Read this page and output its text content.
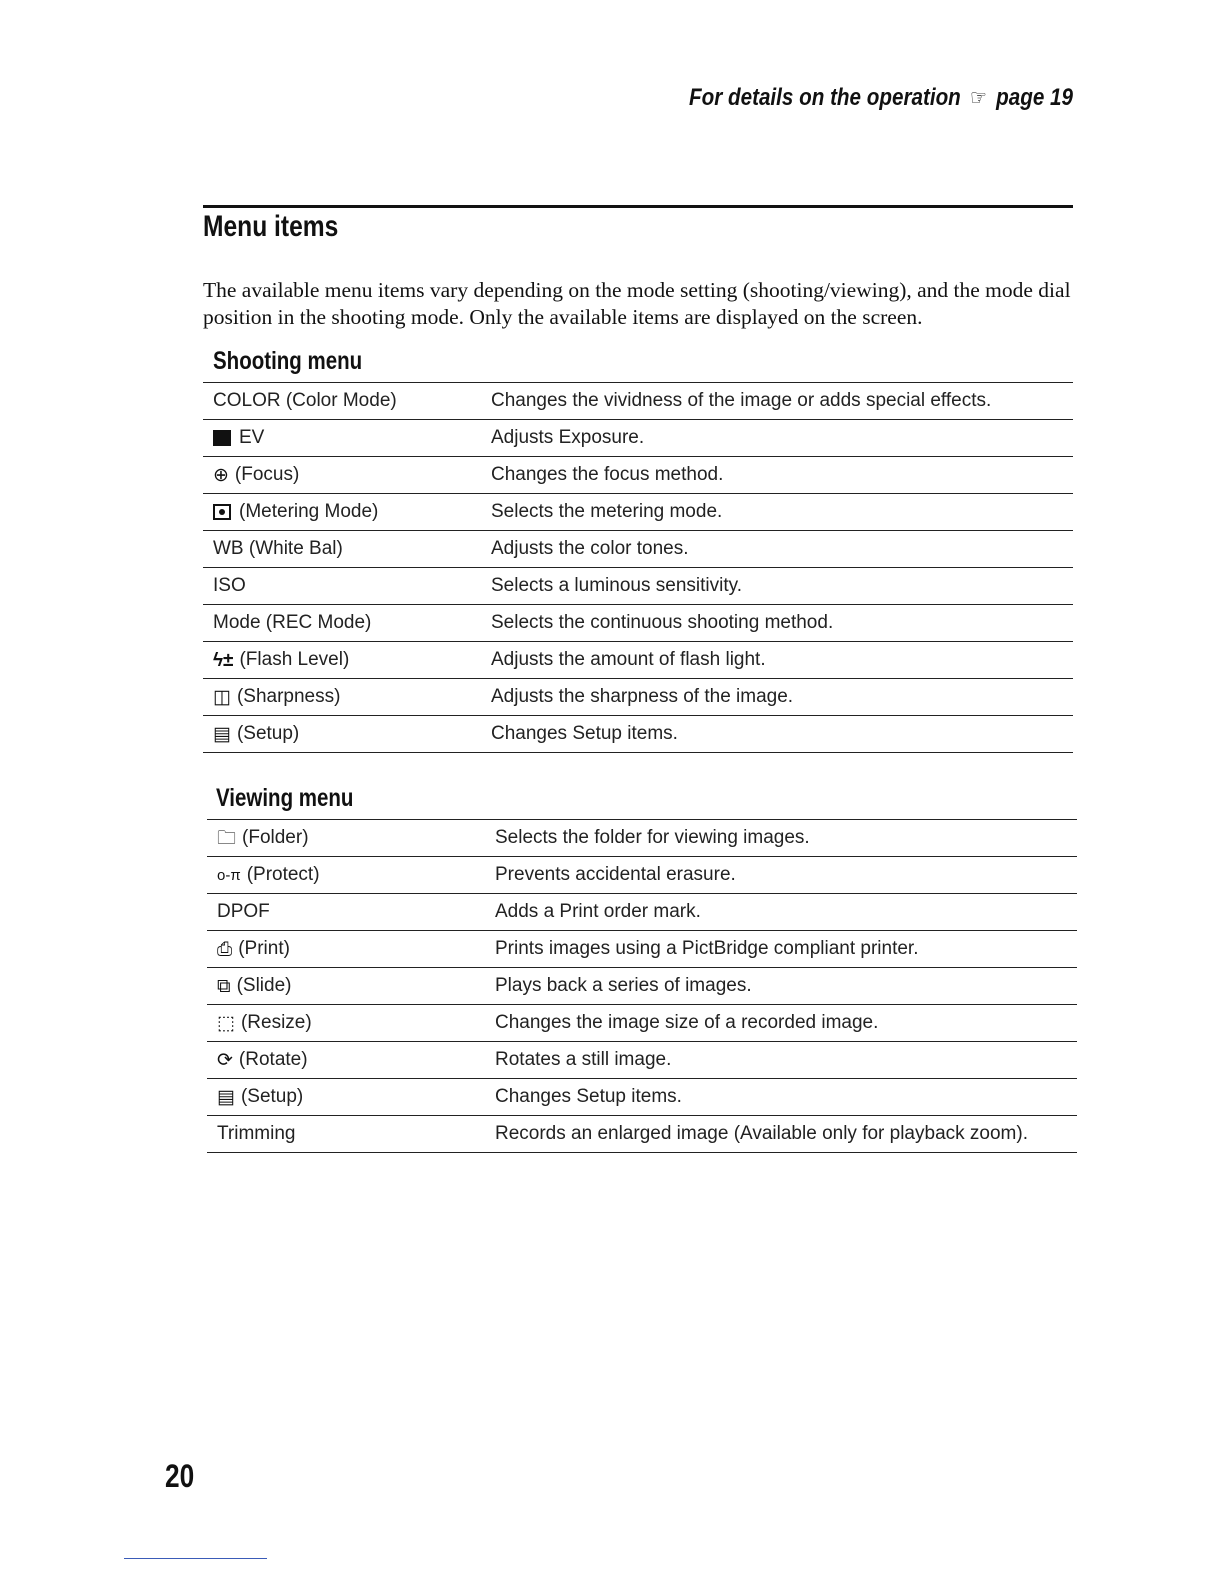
For details on the operation ☞ page 19
Menu items
The available menu items vary depending on the mode setting (shooting/viewing), and the mode dial position in the shooting mode. Only the available items are displayed on the screen.
Shooting menu
COLOR (Color Mode)	Changes the vividness of the image or adds special effects.
EV	Adjusts Exposure.
⊕ (Focus)	Changes the focus method.
(Metering Mode)	Selects the metering mode.
WB (White Bal)	Adjusts the color tones.
ISO	Selects a luminous sensitivity.
Mode (REC Mode)	Selects the continuous shooting method.
ϟ± (Flash Level)	Adjusts the amount of flash light.
◫ (Sharpness)	Adjusts the sharpness of the image.
▤ (Setup)	Changes Setup items.
Viewing menu
🗀 (Folder)	Selects the folder for viewing images.
o-π (Protect)	Prevents accidental erasure.
DPOF	Adds a Print order mark.
⎙ (Print)	Prints images using a PictBridge compliant printer.
⧉ (Slide)	Plays back a series of images.
⬚ (Resize)	Changes the image size of a recorded image.
⟳ (Rotate)	Rotates a still image.
▤ (Setup)	Changes Setup items.
Trimming	Records an enlarged image (Available only for playback zoom).
20
